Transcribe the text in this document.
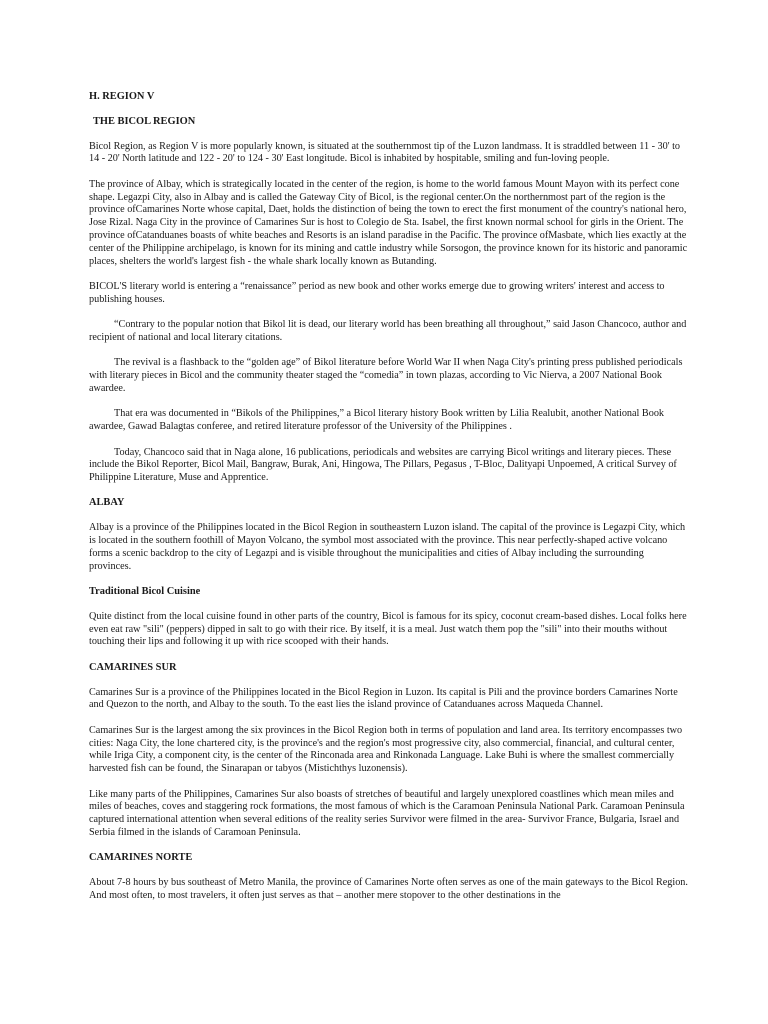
H. REGION V
THE BICOL REGION

Bicol Region, as Region V is more popularly known, is situated at the southernmost tip of the Luzon landmass. It is straddled between 11 - 30' to 14 - 20' North latitude and 122 - 20' to 124 - 30' East longitude. Bicol is inhabited by hospitable, smiling and fun-loving people.

The province of Albay, which is strategically located in the center of the region, is home to the world famous Mount Mayon with its perfect cone shape. Legazpi City, also in Albay and is called the Gateway City of Bicol, is the regional center.On the northernmost part of the region is the province ofCamarines Norte whose capital, Daet, holds the distinction of being the town to erect the first monument of the country's national hero, Jose Rizal. Naga City in the province of Camarines Sur is host to Colegio de Sta. Isabel, the first known normal school for girls in the Orient. The province ofCatanduanes boasts of white beaches and Resorts is an island paradise in the Pacific. The province ofMasbate, which lies exactly at the center of the Philippine archipelago, is known for its mining and cattle industry while Sorsogon, the province known for its historic and panoramic places, shelters the world's largest fish - the whale shark locally known as Butanding.

BICOL'S literary world is entering a “renaissance” period as new book and other works emerge due to growing writers' interest and access to publishing houses.

“Contrary to the popular notion that Bikol lit is dead, our literary world has been breathing all throughout,” said Jason Chancoco, author and recipient of national and local literary citations.

The revival is a flashback to the “golden age” of Bikol literature before World War II when Naga City's printing press published periodicals with literary pieces in Bicol and the community theater staged the “comedia” in town plazas, according to Vic Nierva, a 2007 National Book awardee.

That era was documented in “Bikols of the Philippines,” a Bicol literary history Book written by Lilia Realubit, another National Book awardee, Gawad Balagtas conferee, and retired literature professor of the University of the Philippines .

Today, Chancoco said that in Naga alone, 16 publications, periodicals and websites are carrying Bicol writings and literary pieces. These include the Bikol Reporter, Bicol Mail, Bangraw, Burak, Ani, Hingowa, The Pillars, Pegasus , T-Bloc, Dalityapi Unpoemed, A critical Survey of Philippine Literature, Muse and Apprentice.

ALBAY

Albay is a province of the Philippines located in the Bicol Region in southeastern Luzon island. The capital of the province is Legazpi City, which is located in the southern foothill of Mayon Volcano, the symbol most associated with the province. This near perfectly-shaped active volcano forms a scenic backdrop to the city of Legazpi and is visible throughout the municipalities and cities of Albay including the surrounding provinces.

Traditional Bicol Cuisine

Quite distinct from the local cuisine found in other parts of the country, Bicol is famous for its spicy, coconut cream-based dishes. Local folks here even eat raw "sili" (peppers) dipped in salt to go with their rice. By itself, it is a meal. Just watch them pop the "sili" into their mouths without touching their lips and following it up with rice scooped with their hands.

CAMARINES SUR

Camarines Sur is a province of the Philippines located in the Bicol Region in Luzon. Its capital is Pili and the province borders Camarines Norte and Quezon to the north, and Albay to the south. To the east lies the island province of Catanduanes across Maqueda Channel.

Camarines Sur is the largest among the six provinces in the Bicol Region both in terms of population and land area. Its territory encompasses two cities: Naga City, the lone chartered city, is the province's and the region's most progressive city, also commercial, financial, and cultural center, while Iriga City, a component city, is the center of the Rinconada area and Rinkonada Language. Lake Buhi is where the smallest commercially harvested fish can be found, the Sinarapan or tabyos (Mistichthys luzonensis).

Like many parts of the Philippines, Camarines Sur also boasts of stretches of beautiful and largely unexplored coastlines which mean miles and miles of beaches, coves and staggering rock formations, the most famous of which is the Caramoan Peninsula National Park. Caramoan Peninsula captured international attention when several editions of the reality series Survivor were filmed in the area- Survivor France, Bulgaria, Israel and Serbia filmed in the islands of Caramoan Peninsula.

CAMARINES NORTE

About 7-8 hours by bus southeast of Metro Manila, the province of Camarines Norte often serves as one of the main gateways to the Bicol Region. And most often, to most travelers, it often just serves as that – another mere stopover to the other destinations in the
